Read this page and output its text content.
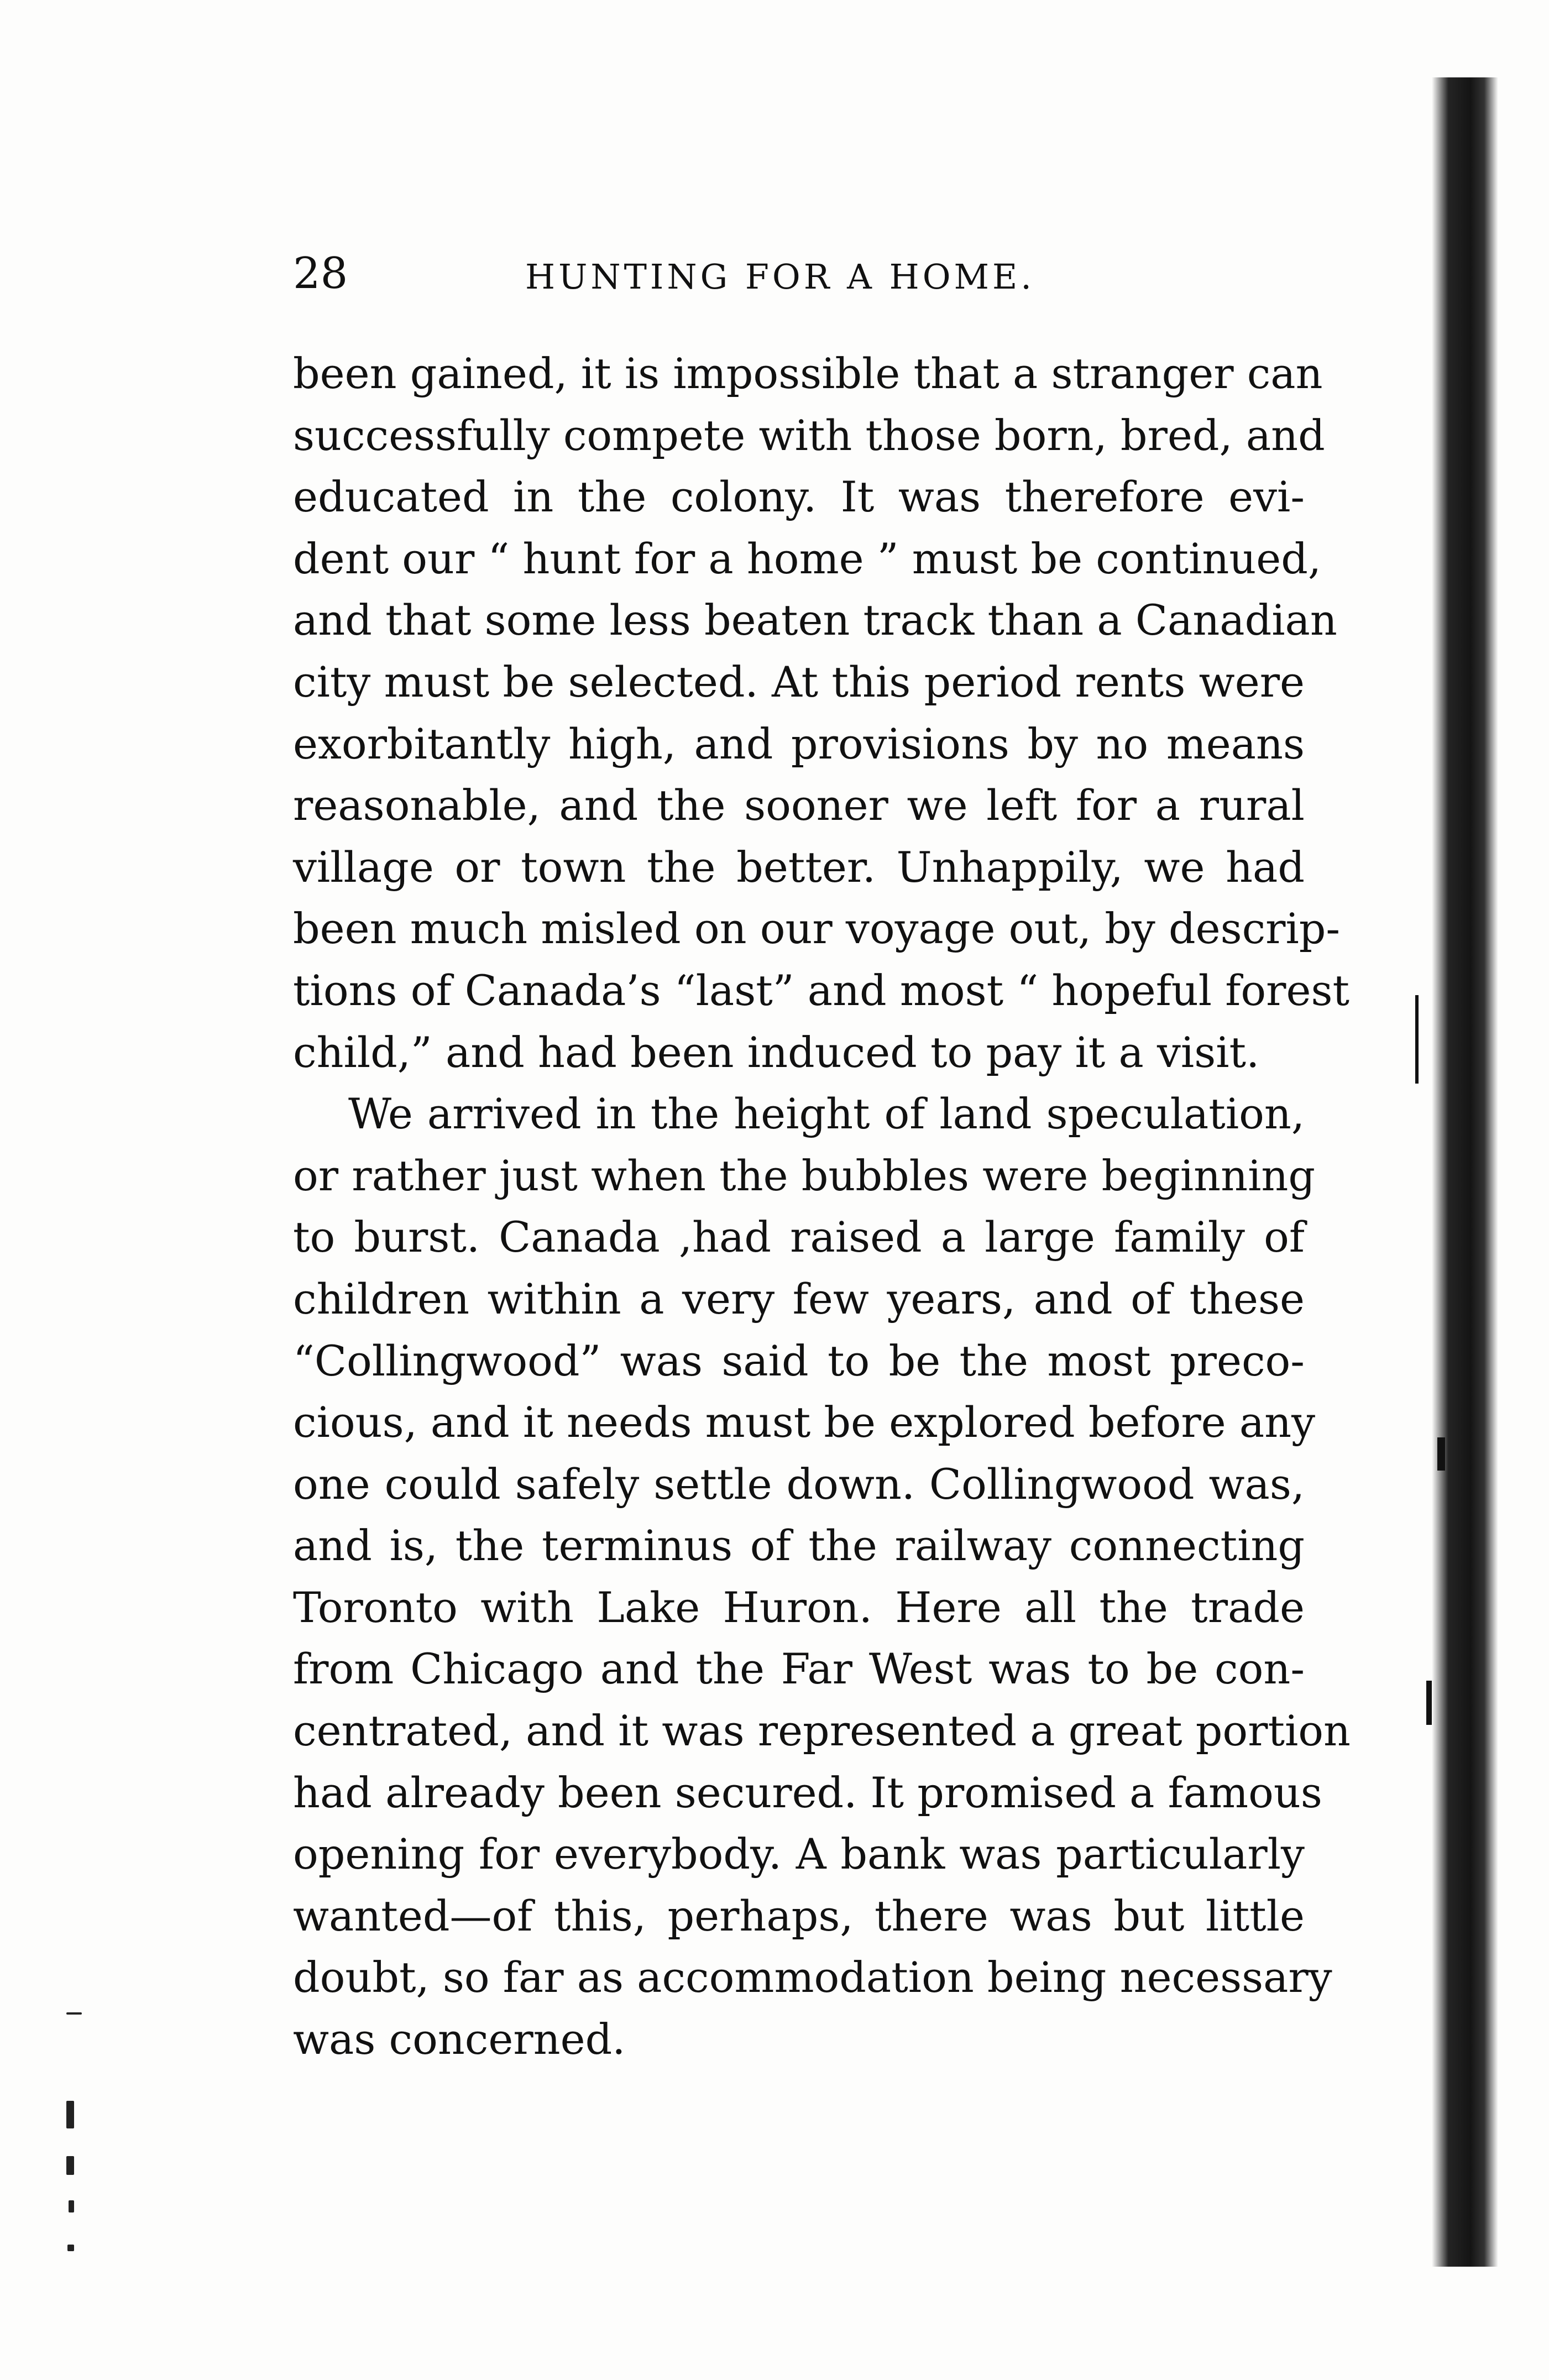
28	HUNTING FOR A HOME.
been gained, it is impossible that a stranger can
successfully compete with those born, bred, and
educated in the colony. It was therefore evi-
dent our “ hunt for a home ” must be continued,
and that some less beaten track than a Canadian
city must be selected. At this period rents were
exorbitantly high, and provisions by no means
reasonable, and the sooner we left for a rural
village or town the better. Unhappily, we had
been much misled on our voyage out, by descrip-
tions of Canada’s “last” and most “ hopeful forest
child,” and had been induced to pay it a visit.
We arrived in the height of land speculation,
or rather just when the bubbles were beginning
to burst. Canada ,had raised a large family of
children within a very few years, and of these
“Collingwood” was said to be the most preco-
cious, and it needs must be explored before any
one could safely settle down. Collingwood was,
and is, the terminus of the railway connecting
Toronto with Lake Huron. Here all the trade
from Chicago and the Far West was to be con-
centrated, and it was represented a great portion
had already been secured. It promised a famous
opening for everybody. A bank was particularly
wanted—of this, perhaps, there was but little
doubt, so far as accommodation being necessary
was concerned.
